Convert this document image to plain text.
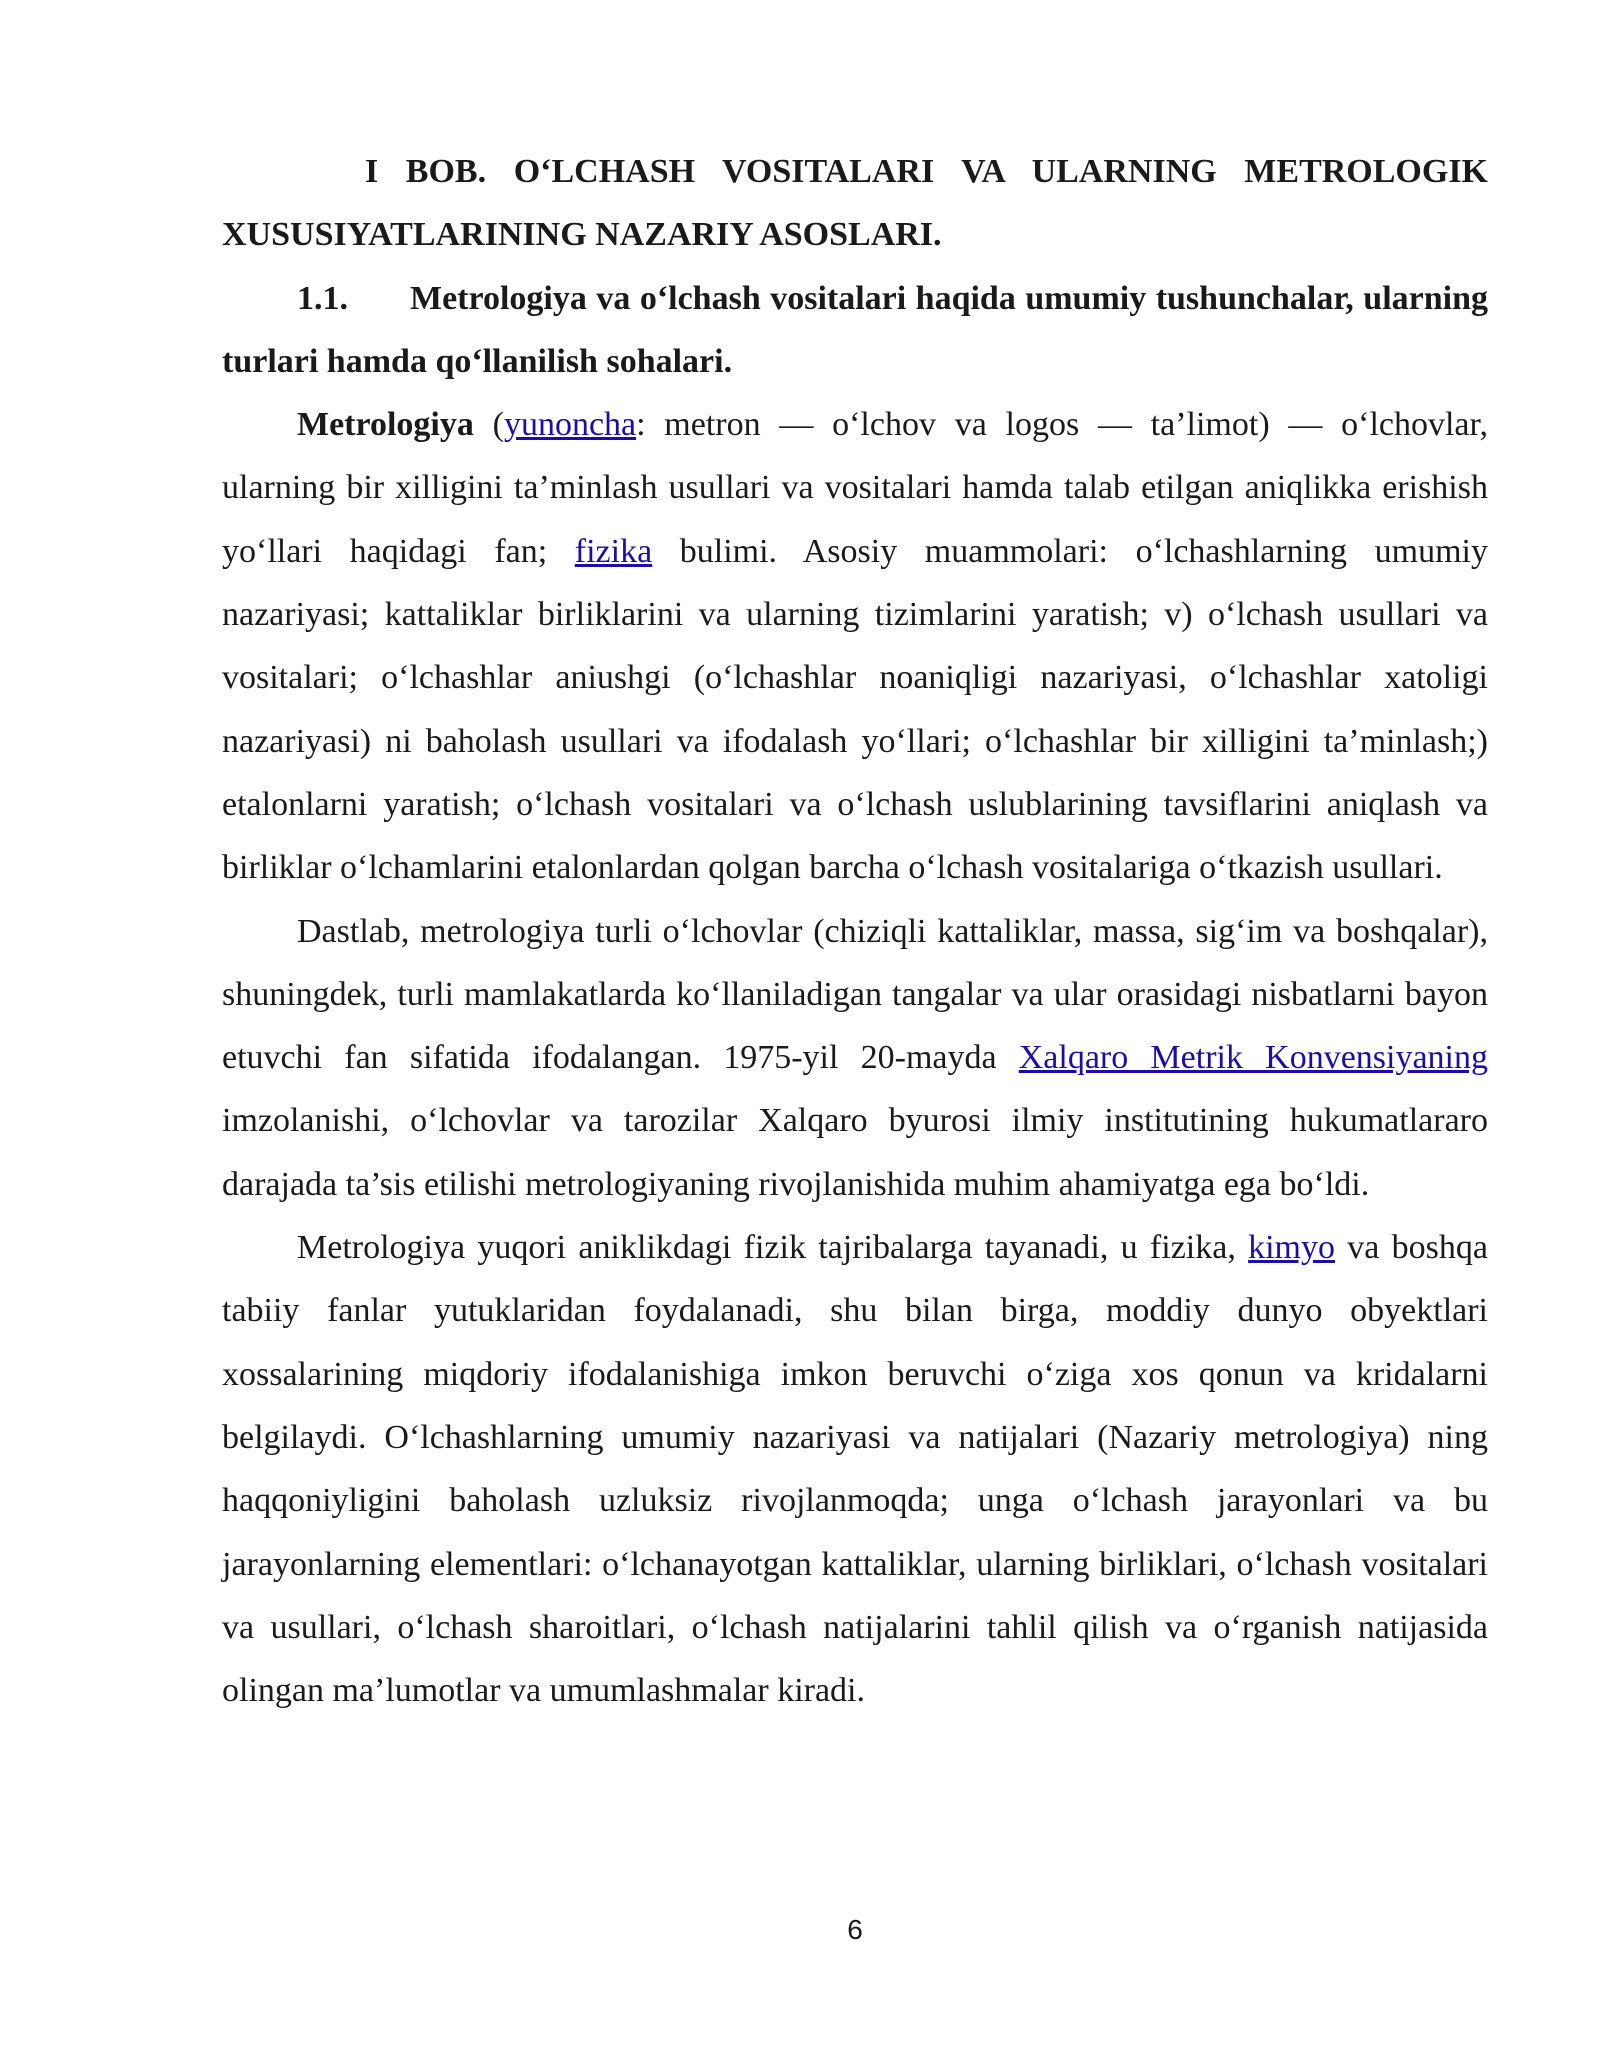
I BOB. O‘LCHASH VOSITALARI VA ULARNING METROLOGIK XUSUSIYATLARINING NAZARIY ASOSLARI.

1.1. Metrologiya va o‘lchash vositalari haqida umumiy tushunchalar, ularning turlari hamda qo‘llanilish sohalari.

Metrologiya (yunoncha: metron — o‘lchov va logos — ta’limot) — o‘lchovlar, ularning bir xilligini ta’minlash usullari va vositalari hamda talab etilgan aniqlikka erishish yo‘llari haqidagi fan; fizika bulimi. Asosiy muammolari: o‘lchashlarning umumiy nazariyasi; kattaliklar birliklarini va ularning tizimlarini yaratish; v) o‘lchash usullari va vositalari; o‘lchashlar aniushgi (o‘lchashlar noaniqligi nazariyasi, o‘lchashlar xatoligi nazariyasi) ni baholash usullari va ifodalash yo‘llari; o‘lchashlar bir xilligini ta’minlash;) etalonlarni yaratish; o‘lchash vositalari va o‘lchash uslublarining tavsiflarini aniqlash va birliklar o‘lchamlarini etalonlardan qolgan barcha o‘lchash vositalariga o‘tkazish usullari.

Dastlab, metrologiya turli o‘lchovlar (chiziqli kattaliklar, massa, sig‘im va boshqalar), shuningdek, turli mamlakatlarda ko‘llaniladigan tangalar va ular orasidagi nisbatlarni bayon etuvchi fan sifatida ifodalangan. 1975-yil 20-mayda Xalqaro Metrik Konvensiyaning imzolanishi, o‘lchovlar va tarozilar Xalqaro byurosi ilmiy institutining hukumatlararo darajada ta’sis etilishi metrologiyaning rivojlanishida muhim ahamiyatga ega bo‘ldi.

Metrologiya yuqori aniklikdagi fizik tajribalarga tayanadi, u fizika, kimyo va boshqa tabiiy fanlar yutuklaridan foydalanadi, shu bilan birga, moddiy dunyo obyektlari xossalarining miqdoriy ifodalanishiga imkon beruvchi o‘ziga xos qonun va kridalarni belgilaydi. O‘lchashlarning umumiy nazariyasi va natijalari (Nazariy metrologiya) ning haqqoniyligini baholash uzluksiz rivojlanmoqda; unga o‘lchash jarayonlari va bu jarayonlarning elementlari: o‘lchanayotgan kattaliklar, ularning birliklari, o‘lchash vositalari va usullari, o‘lchash sharoitlari, o‘lchash natijalarini tahlil qilish va o‘rganish natijasida olingan ma’lumotlar va umumlashmalar kiradi.

6
